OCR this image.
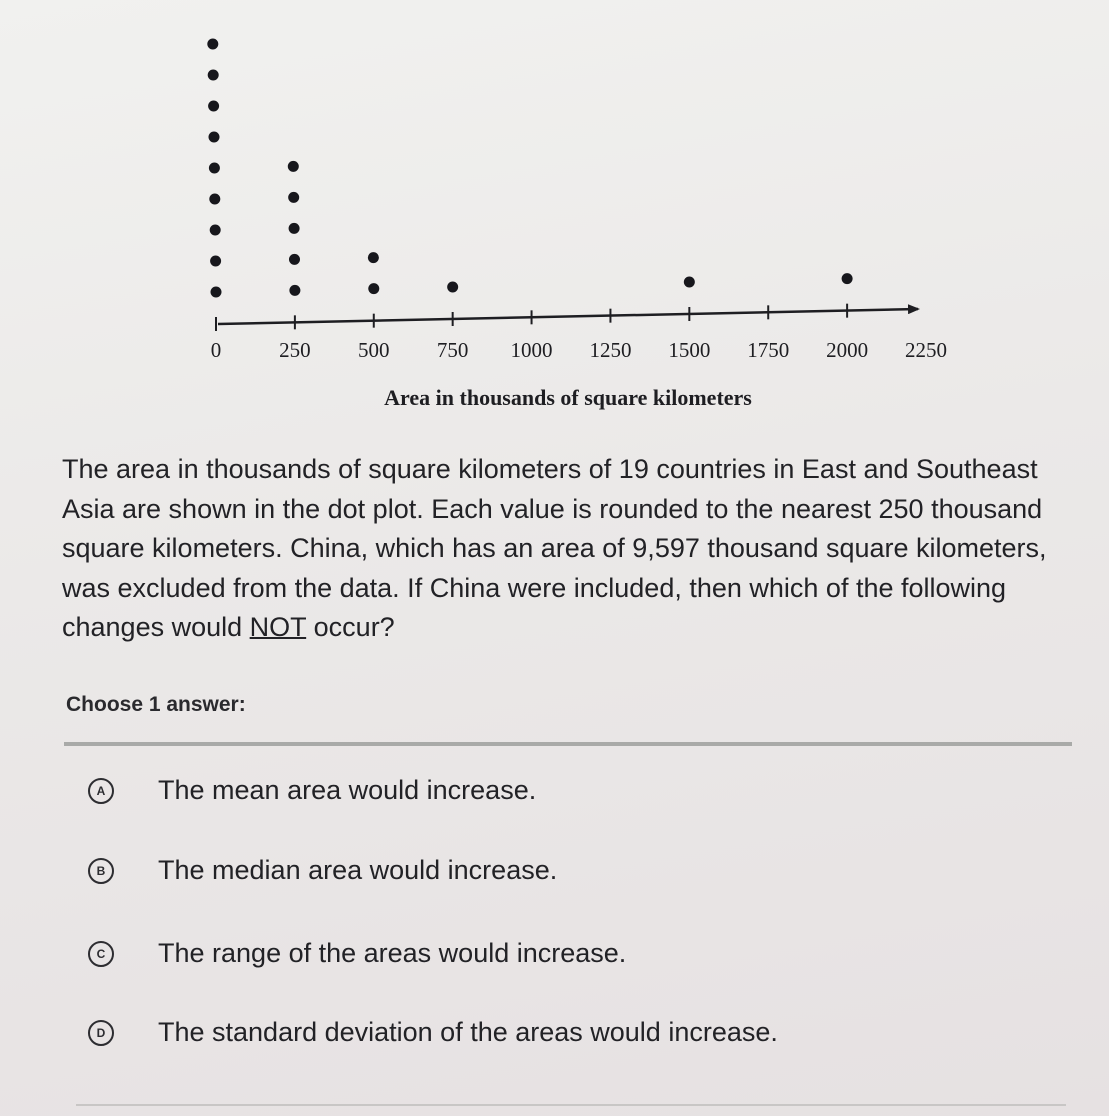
0	250 500 750 1000 1250 1500 1750 2000 2250
Area in thousands of square kilometers
The area in thousands of square kilometers of 19 countries in East and Southeast Asia are shown in the dot plot. Each value is rounded to the nearest 250 thousand square kilometers. China, which has an area of 9,597 thousand square kilometers, was excluded from the data. If China were included, then which of the following changes would NOT occur?
Choose 1 answer:
A	The mean area would increase.
B	The median area would increase.
C	The range of the areas would increase.
D	The standard deviation of the areas would increase.
